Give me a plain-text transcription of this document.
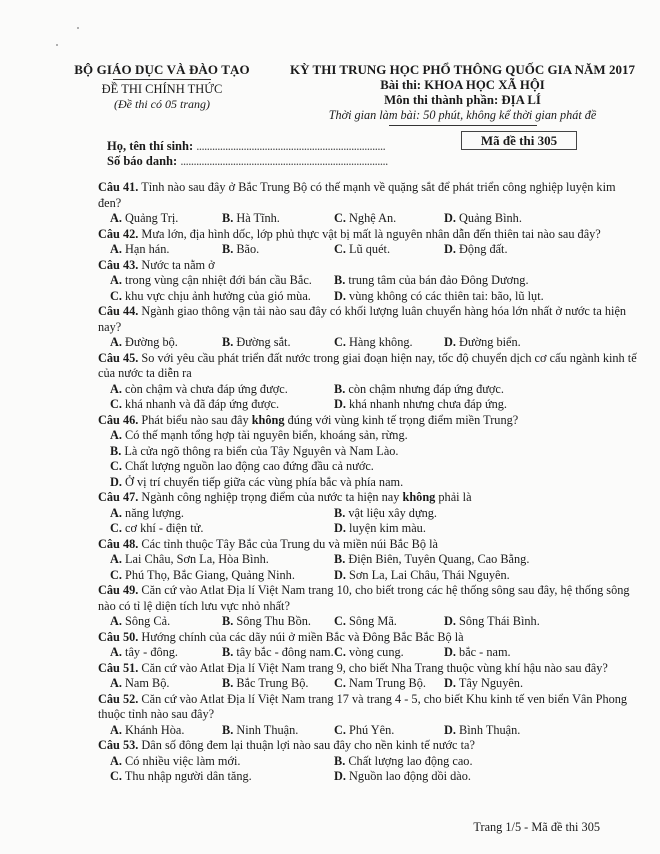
BỘ GIÁO DỤC VÀ ĐÀO TẠO
ĐỀ THI CHÍNH THỨC
(Đề thi có 05 trang)
KỲ THI TRUNG HỌC PHỔ THÔNG QUỐC GIA NĂM 2017
Bài thi: KHOA HỌC XÃ HỘI
Môn thi thành phần: ĐỊA LÍ
Thời gian làm bài: 50 phút, không kể thời gian phát đề
Mã đề thi 305
Họ, tên thí sinh: ........................................................................
Số báo danh: ...............................................................................
Câu 41. Tỉnh nào sau đây ở Bắc Trung Bộ có thế mạnh về quặng sắt để phát triển công nghiệp luyện kim đen?
A. Quảng Trị.	B. Hà Tĩnh.	C. Nghệ An.	D. Quảng Bình.
Câu 42. Mưa lớn, địa hình dốc, lớp phủ thực vật bị mất là nguyên nhân dẫn đến thiên tai nào sau đây?
A. Hạn hán.	B. Bão.	C. Lũ quét.	D. Động đất.
Câu 43. Nước ta nằm ở
A. trong vùng cận nhiệt đới bán cầu Bắc.	B. trung tâm của bán đảo Đông Dương.
C. khu vực chịu ảnh hưởng của gió mùa.	D. vùng không có các thiên tai: bão, lũ lụt.
Câu 44. Ngành giao thông vận tải nào sau đây có khối lượng luân chuyển hàng hóa lớn nhất ở nước ta hiện nay?
A. Đường bộ.	B. Đường sắt.	C. Hàng không.	D. Đường biển.
Câu 45. So với yêu cầu phát triển đất nước trong giai đoạn hiện nay, tốc độ chuyển dịch cơ cấu ngành kinh tế của nước ta diễn ra
A. còn chậm và chưa đáp ứng được.	B. còn chậm nhưng đáp ứng được.
C. khá nhanh và đã đáp ứng được.	D. khá nhanh nhưng chưa đáp ứng.
Câu 46. Phát biểu nào sau đây không đúng với vùng kinh tế trọng điểm miền Trung?
A. Có thế mạnh tổng hợp tài nguyên biển, khoáng sản, rừng.
B. Là cửa ngõ thông ra biển của Tây Nguyên và Nam Lào.
C. Chất lượng nguồn lao động cao đứng đầu cả nước.
D. Ở vị trí chuyển tiếp giữa các vùng phía bắc và phía nam.
Câu 47. Ngành công nghiệp trọng điểm của nước ta hiện nay không phải là
A. năng lượng.	B. vật liệu xây dựng.
C. cơ khí - điện tử.	D. luyện kim màu.
Câu 48. Các tỉnh thuộc Tây Bắc của Trung du và miền núi Bắc Bộ là
A. Lai Châu, Sơn La, Hòa Bình.	B. Điện Biên, Tuyên Quang, Cao Bằng.
C. Phú Thọ, Bắc Giang, Quảng Ninh.	D. Sơn La, Lai Châu, Thái Nguyên.
Câu 49. Căn cứ vào Atlat Địa lí Việt Nam trang 10, cho biết trong các hệ thống sông sau đây, hệ thống sông nào có tỉ lệ diện tích lưu vực nhỏ nhất?
A. Sông Cả.	B. Sông Thu Bồn.	C. Sông Mã.	D. Sông Thái Bình.
Câu 50. Hướng chính của các dãy núi ở miền Bắc và Đông Bắc Bắc Bộ là
A. tây - đông.	B. tây bắc - đông nam. C. vòng cung.	D. bắc - nam.
Câu 51. Căn cứ vào Atlat Địa lí Việt Nam trang 9, cho biết Nha Trang thuộc vùng khí hậu nào sau đây?
A. Nam Bộ.	B. Bắc Trung Bộ.	C. Nam Trung Bộ.	D. Tây Nguyên.
Câu 52. Căn cứ vào Atlat Địa lí Việt Nam trang 17 và trang 4 - 5, cho biết Khu kinh tế ven biển Vân Phong thuộc tỉnh nào sau đây?
A. Khánh Hòa.	B. Ninh Thuận.	C. Phú Yên.	D. Bình Thuận.
Câu 53. Dân số đông đem lại thuận lợi nào sau đây cho nền kinh tế nước ta?
A. Có nhiều việc làm mới.	B. Chất lượng lao động cao.
C. Thu nhập người dân tăng.	D. Nguồn lao động dồi dào.
Trang 1/5 - Mã đề thi 305
